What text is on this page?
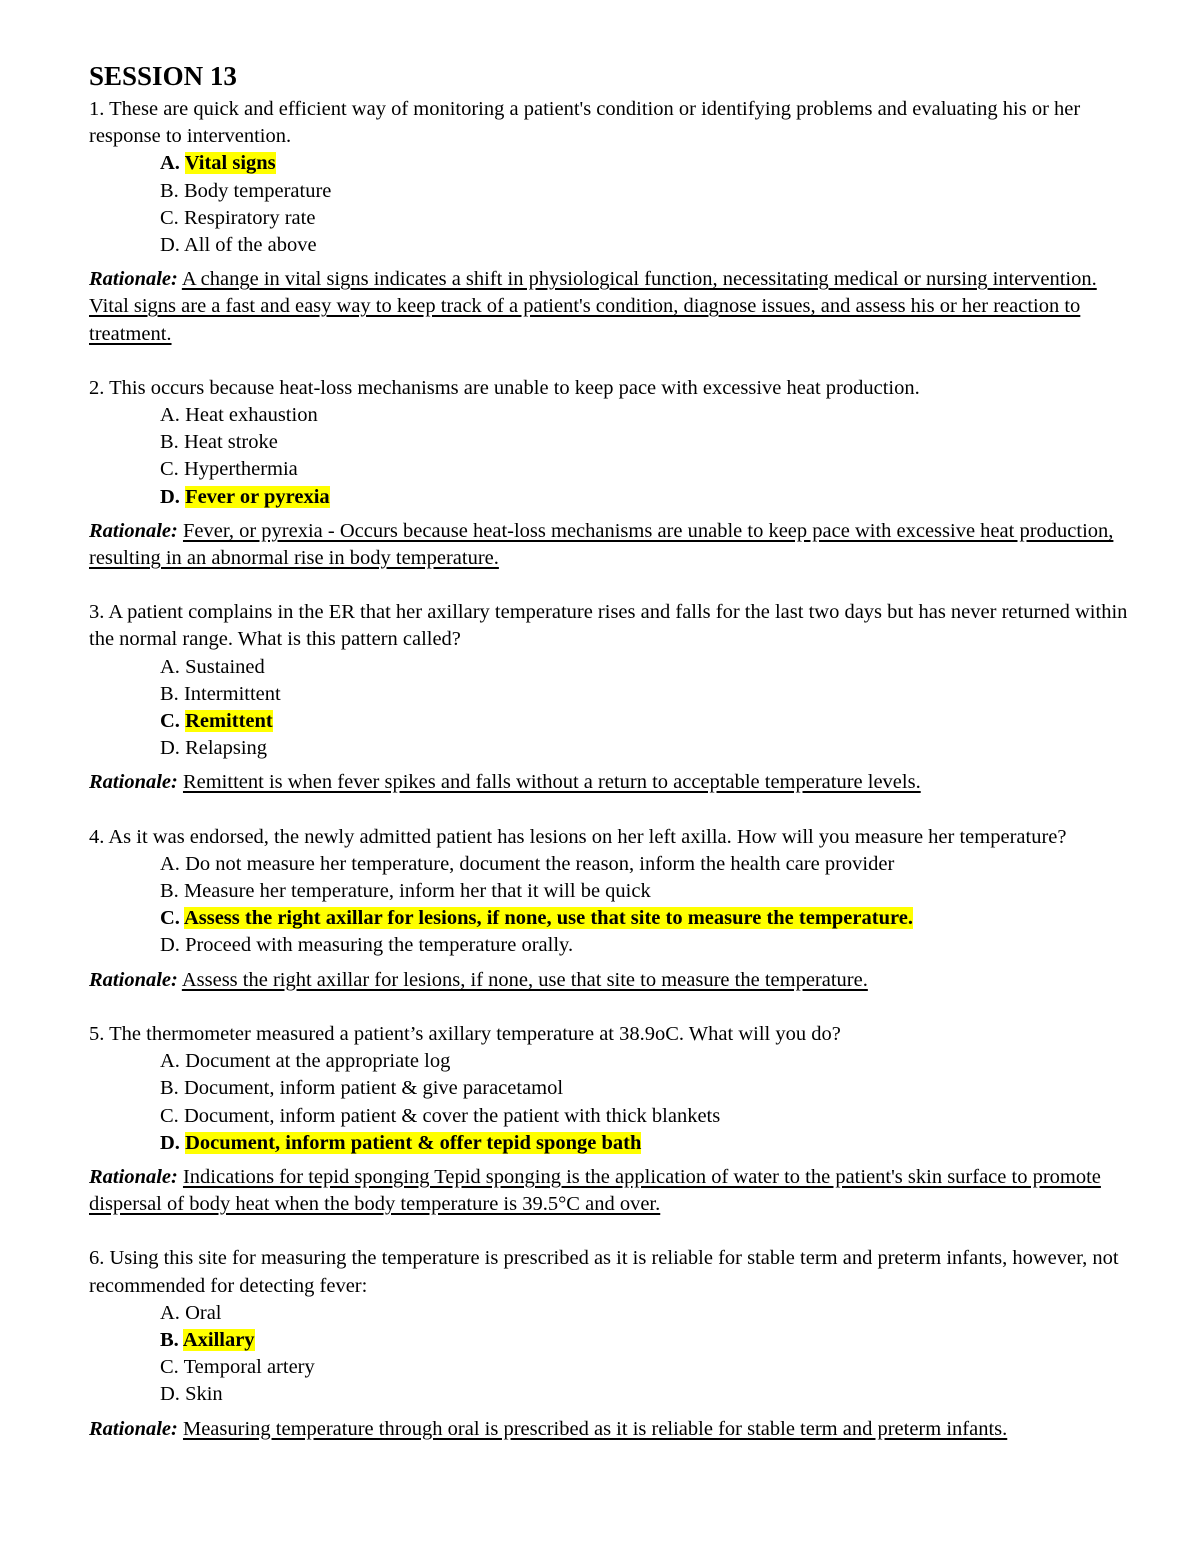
SESSION 13

1. These are quick and efficient way of monitoring a patient's condition or identifying problems and evaluating his or her response to intervention.

A. Vital signs
B. Body temperature
C. Respiratory rate
D. All of the above

Rationale: A change in vital signs indicates a shift in physiological function, necessitating medical or nursing intervention. Vital signs are a fast and easy way to keep track of a patient's condition, diagnose issues, and assess his or her reaction to treatment.

2. This occurs because heat-loss mechanisms are unable to keep pace with excessive heat production.

A. Heat exhaustion
B. Heat stroke
C. Hyperthermia
D. Fever or pyrexia

Rationale: Fever, or pyrexia - Occurs because heat-loss mechanisms are unable to keep pace with excessive heat production, resulting in an abnormal rise in body temperature.

3. A patient complains in the ER that her axillary temperature rises and falls for the last two days but has never returned within the normal range. What is this pattern called?

A. Sustained
B. Intermittent
C. Remittent
D. Relapsing

Rationale: Remittent is when fever spikes and falls without a return to acceptable temperature levels.

4. As it was endorsed, the newly admitted patient has lesions on her left axilla. How will you measure her temperature?

A. Do not measure her temperature, document the reason, inform the health care provider
B. Measure her temperature, inform her that it will be quick
C. Assess the right axillar for lesions, if none, use that site to measure the temperature.
D. Proceed with measuring the temperature orally.

Rationale: Assess the right axillar for lesions, if none, use that site to measure the temperature.

5. The thermometer measured a patient’s axillary temperature at 38.9oC. What will you do?

A. Document at the appropriate log
B. Document, inform patient & give paracetamol
C. Document, inform patient & cover the patient with thick blankets
D. Document, inform patient & offer tepid sponge bath

Rationale: Indications for tepid sponging Tepid sponging is the application of water to the patient's skin surface to promote dispersal of body heat when the body temperature is 39.5°C and over.

6. Using this site for measuring the temperature is prescribed as it is reliable for stable term and preterm infants, however, not recommended for detecting fever:

A. Oral
B. Axillary
C. Temporal artery
D. Skin

Rationale: Measuring temperature through oral is prescribed as it is reliable for stable term and preterm infants.
